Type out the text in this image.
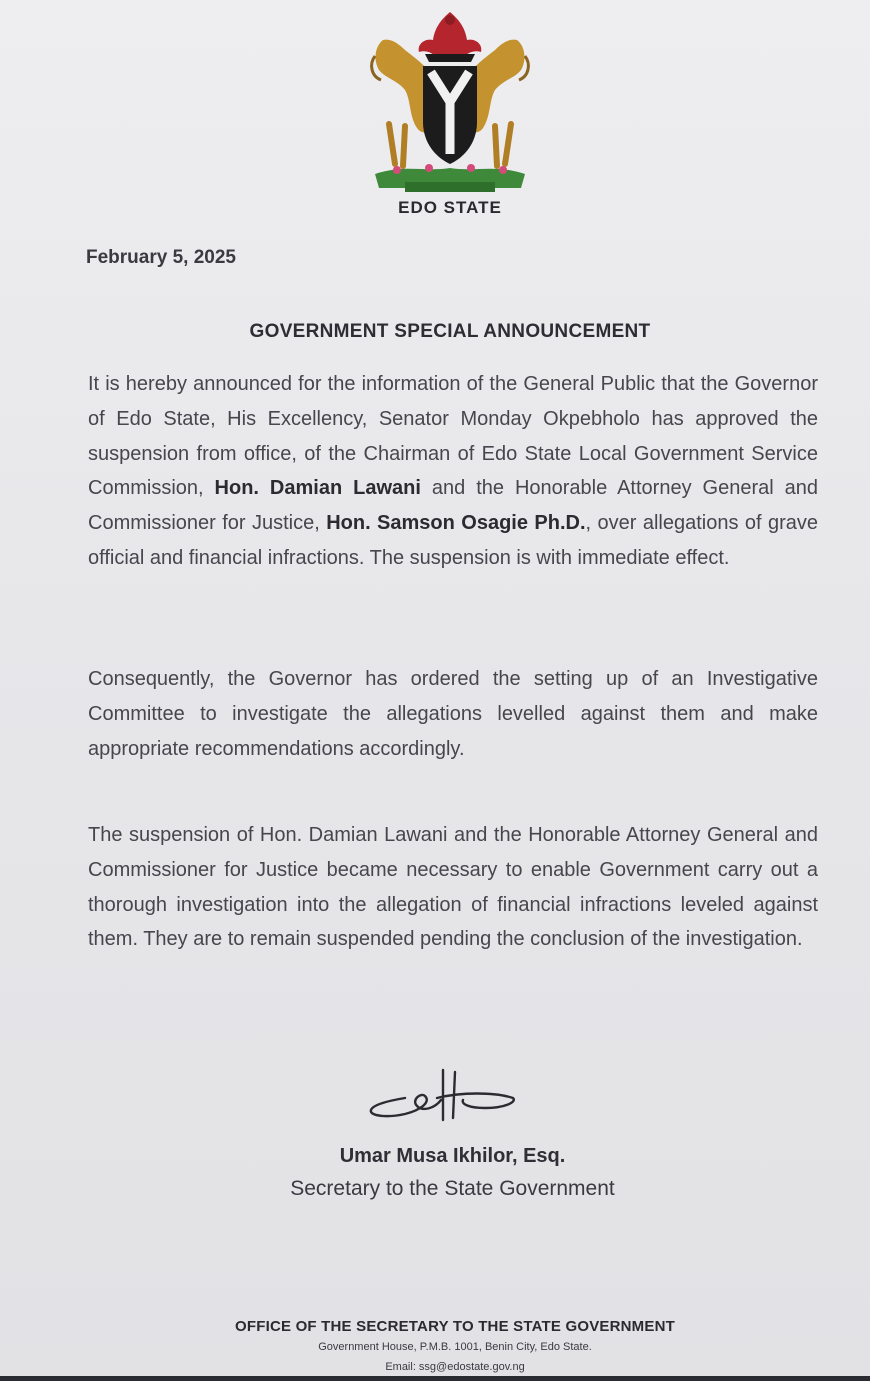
EDO STATE
February 5, 2025
GOVERNMENT SPECIAL ANNOUNCEMENT
It is hereby announced for the information of the General Public that the Governor of Edo State, His Excellency, Senator Monday Okpebholo has approved the suspension from office, of the Chairman of Edo State Local Government Service Commission, Hon. Damian Lawani and the Honorable Attorney General and Commissioner for Justice, Hon. Samson Osagie Ph.D., over allegations of grave official and financial infractions. The suspension is with immediate effect.
Consequently, the Governor has ordered the setting up of an Investigative Committee to investigate the allegations levelled against them and make appropriate recommendations accordingly.
The suspension of Hon. Damian Lawani and the Honorable Attorney General and Commissioner for Justice became necessary to enable Government carry out a thorough investigation into the allegation of financial infractions leveled against them. They are to remain suspended pending the conclusion of the investigation.
Umar Musa Ikhilor, Esq.
Secretary to the State Government
OFFICE OF THE SECRETARY TO THE STATE GOVERNMENT
Government House, P.M.B. 1001, Benin City, Edo State.
Email: ssg@edostate.gov.ng
